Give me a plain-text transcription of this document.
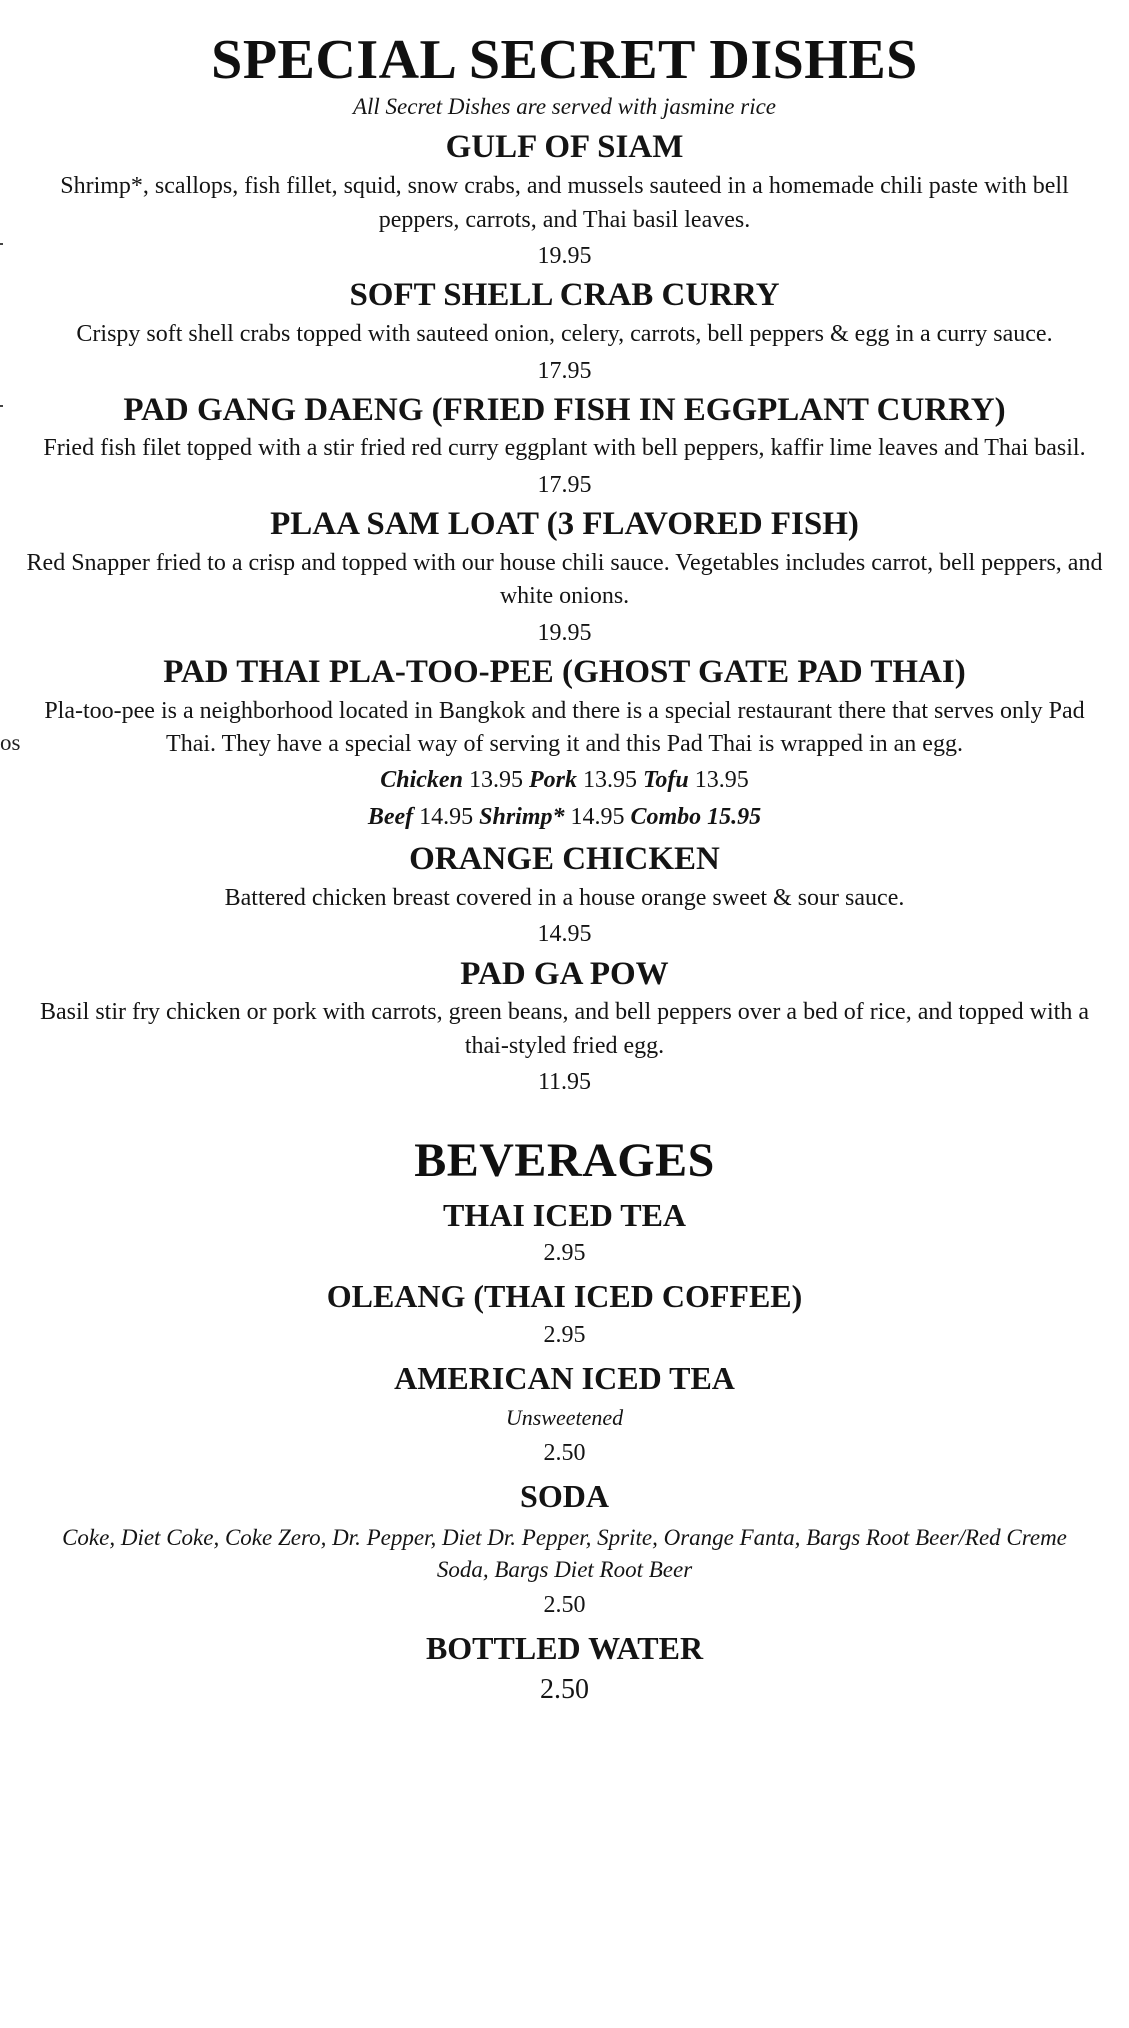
os
SPECIAL SECRET DISHES
All Secret Dishes are served with jasmine rice
GULF OF SIAM

Shrimp*, scallops, fish fillet, squid, snow crabs, and mussels sauteed in a homemade chili paste with bell peppers, carrots, and Thai basil leaves.

19.95
SOFT SHELL CRAB CURRY

Crispy soft shell crabs topped with sauteed onion, celery, carrots, bell peppers & egg in a curry sauce.

17.95
PAD GANG DAENG (FRIED FISH IN EGGPLANT CURRY)

Fried fish filet topped with a stir fried red curry eggplant with bell peppers, kaffir lime leaves and Thai basil.

17.95
PLAA SAM LOAT (3 FLAVORED FISH)

Red Snapper fried to a crisp and topped with our house chili sauce. Vegetables includes carrot, bell peppers, and white onions.

19.95
PAD THAI PLA-TOO-PEE (GHOST GATE PAD THAI)

Pla-too-pee is a neighborhood located in Bangkok and there is a special restaurant there that serves only Pad Thai. They have a special way of serving it and this Pad Thai is wrapped in an egg.

Chicken 13.95 Pork 13.95 Tofu 13.95
Beef 14.95 Shrimp* 14.95 Combo 15.95
ORANGE CHICKEN

Battered chicken breast covered in a house orange sweet & sour sauce.

14.95
PAD GA POW

Basil stir fry chicken or pork with carrots, green beans, and bell peppers over a bed of rice, and topped with a thai-styled fried egg.

11.95
BEVERAGES
THAI ICED TEA
2.95
OLEANG (THAI ICED COFFEE)
2.95
AMERICAN ICED TEA
Unsweetened
2.50
SODA
Coke, Diet Coke, Coke Zero, Dr. Pepper, Diet Dr. Pepper, Sprite, Orange Fanta, Bargs Root Beer/Red Creme Soda, Bargs Diet Root Beer
2.50
BOTTLED WATER
2.50
